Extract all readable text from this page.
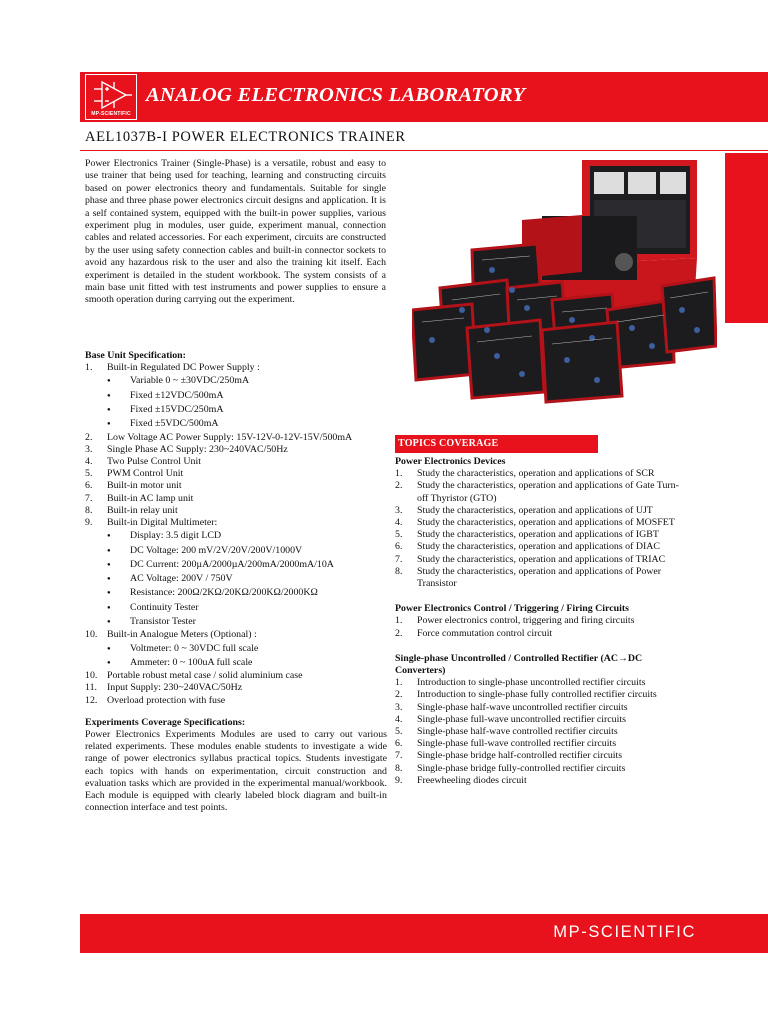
MP-SCIENTIFIC
ANALOG ELECTRONICS LABORATORY
AEL1037B-I POWER ELECTRONICS TRAINER
Power Electronics Trainer (Single-Phase) is a versatile, robust and easy to use trainer that being used for teaching, learning and constructing circuits based on power electronics theory and fundamentals. Suitable for single phase and three phase power electronics circuit designs and application. It is a self contained system, equipped with the built-in power supplies, various experiment plug in modules, user guide, experiment manual, connection cables and related accessories. For each experiment, circuits are constructed by the user using safety connection cables and built-in connector sockets to avoid any hazardous risk to the user and also the training kit itself. Each experiment is detailed in the student workbook. The system consists of a main base unit fitted with test instruments and power supplies to ensure a smooth operation during carrying out the experiment.
Base Unit Specification:
1.	Built-in Regulated DC Power Supply :
●	Variable 0 ~ ±30VDC/250mA
●	Fixed ±12VDC/500mA
●	Fixed ±15VDC/250mA
●	Fixed ±5VDC/500mA
2.	Low Voltage AC Power Supply: 15V-12V-0-12V-15V/500mA
3.	Single Phase AC Supply: 230~240VAC/50Hz
4.	Two Pulse Control Unit
5.	PWM Control Unit
6.	Built-in motor unit
7.	Built-in AC lamp unit
8.	Built-in relay unit
9.	Built-in Digital Multimeter:
●	Display: 3.5 digit LCD
●	DC Voltage: 200 mV/2V/20V/200V/1000V
●	DC Current: 200µA/2000µA/200mA/2000mA/10A
●	AC Voltage: 200V / 750V
●	Resistance: 200Ω/2KΩ/20KΩ/200KΩ/2000KΩ
●	Continuity Tester
●	Transistor Tester
10. Built-in Analogue Meters (Optional) :
●	Voltmeter: 0 ~ 30VDC full scale
●	Ammeter: 0 ~ 100uA full scale
10. Portable robust metal case / solid aluminium case
11.	Input Supply: 230~240VAC/50Hz
12. Overload protection with fuse
Experiments Coverage Specifications:
Power Electronics Experiments Modules are used to carry out various related experiments. These modules enable students to investigate a wide range of power electronics syllabus practical topics. Students investigate each topics with hands on experimentation, circuit construction and evaluation tasks which are provided in the experimental manual/workbook. Each module is equipped with clearly labeled block diagram and built-in connection interface and test points.
TOPICS COVERAGE
Power Electronics Devices
1.	Study the characteristics, operation and applications of SCR
2.	Study the characteristics, operation and applications of Gate Turn-off Thyristor (GTO)
3.	Study the characteristics, operation and applications of UJT
4.	Study the characteristics, operation and applications of MOSFET
5.	Study the characteristics, operation and applications of IGBT
6.	Study the characteristics, operation and applications of DIAC
7.	Study the characteristics, operation and applications of TRIAC
8.	Study the characteristics, operation and applications of Power Transistor
Power Electronics Control / Triggering / Firing Circuits
1.	Power electronics control, triggering and firing circuits
2.	Force commutation control circuit
Single-phase Uncontrolled / Controlled Rectifier (AC→DC Converters)
1.	Introduction to single-phase uncontrolled rectifier circuits
2.	Introduction to single-phase fully controlled rectifier circuits
3.	Single-phase half-wave uncontrolled rectifier circuits
4.	Single-phase full-wave uncontrolled rectifier circuits
5.	Single-phase half-wave controlled rectifier circuits
6.	Single-phase full-wave controlled rectifier circuits
7.	Single-phase bridge half-controlled rectifier circuits
8.	Single-phase bridge fully-controlled rectifier circuits
9.	Freewheeling diodes circuit
MP-SCIENTIFIC
